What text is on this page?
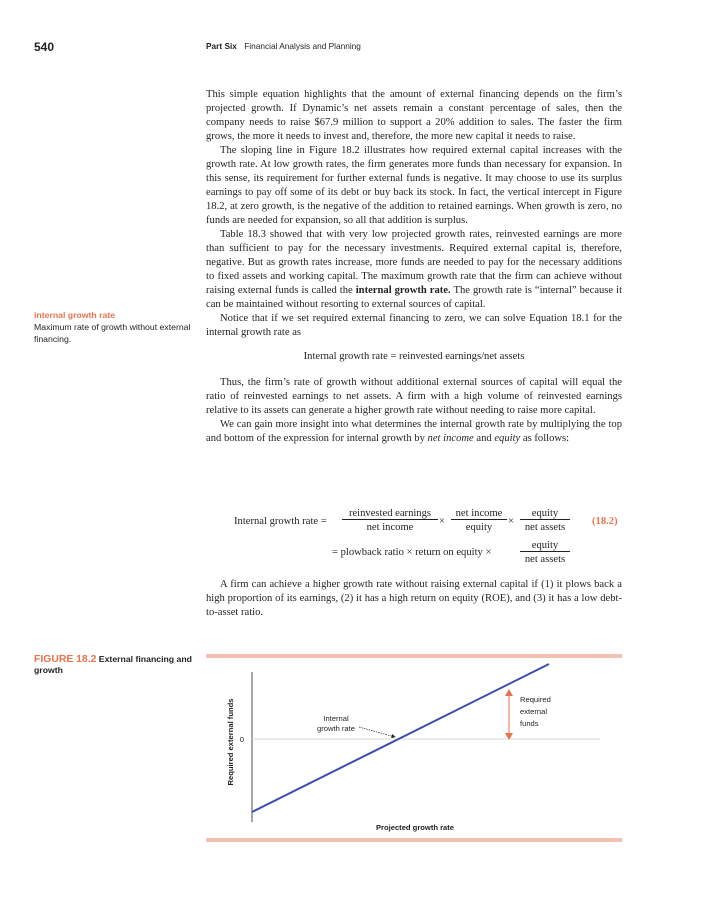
540	Part Six Financial Analysis and Planning

This simple equation highlights that the amount of external financing depends on the firm’s projected growth. If Dynamic’s net assets remain a constant percentage of sales, then the company needs to raise $67.9 million to support a 20% addition to sales. The faster the firm grows, the more it needs to invest and, therefore, the more new capital it needs to raise.

The sloping line in Figure 18.2 illustrates how required external capital increases with the growth rate. At low growth rates, the firm generates more funds than necessary for expansion. In this sense, its requirement for further external funds is negative. It may choose to use its surplus earnings to pay off some of its debt or buy back its stock. In fact, the vertical intercept in Figure 18.2, at zero growth, is the negative of the addition to retained earnings. When growth is zero, no funds are needed for expansion, so all that addition is surplus.

Table 18.3 showed that with very low projected growth rates, reinvested earnings are more than sufficient to pay for the necessary investments. Required external capital is, therefore, negative. But as growth rates increase, more funds are needed to pay for the necessary additions to fixed assets and working capital. The maximum growth rate that the firm can achieve without raising external funds is called the internal growth rate. The growth rate is “internal” because it can be maintained without resorting to external sources of capital.

Notice that if we set required external financing to zero, we can solve Equation 18.1 for the internal growth rate as

Internal growth rate = reinvested earnings/net assets

Thus, the firm’s rate of growth without additional external sources of capital will equal the ratio of reinvested earnings to net assets. A firm with a high volume of reinvested earnings relative to its assets can generate a higher growth rate without needing to raise more capital.

We can gain more insight into what determines the internal growth rate by multiplying the top and bottom of the expression for internal growth by net income and equity as follows:

internal growth rate
Maximum rate of growth without external financing.
Internal growth rate =
reinvested earnings
net income
×
net income
equity
×
equity
net assets
(18.2)
= plowback ratio × return on equity ×
equity
net assets

A firm can achieve a higher growth rate without raising external capital if (1) it plows back a high proportion of its earnings, (2) it has a high return on equity (ROE), and (3) it has a low debt-to-asset ratio.

FIGURE 18.2 External financing and growth
0
Required external funds	Internal
growth rate
Required
external
funds
Projected growth rate
